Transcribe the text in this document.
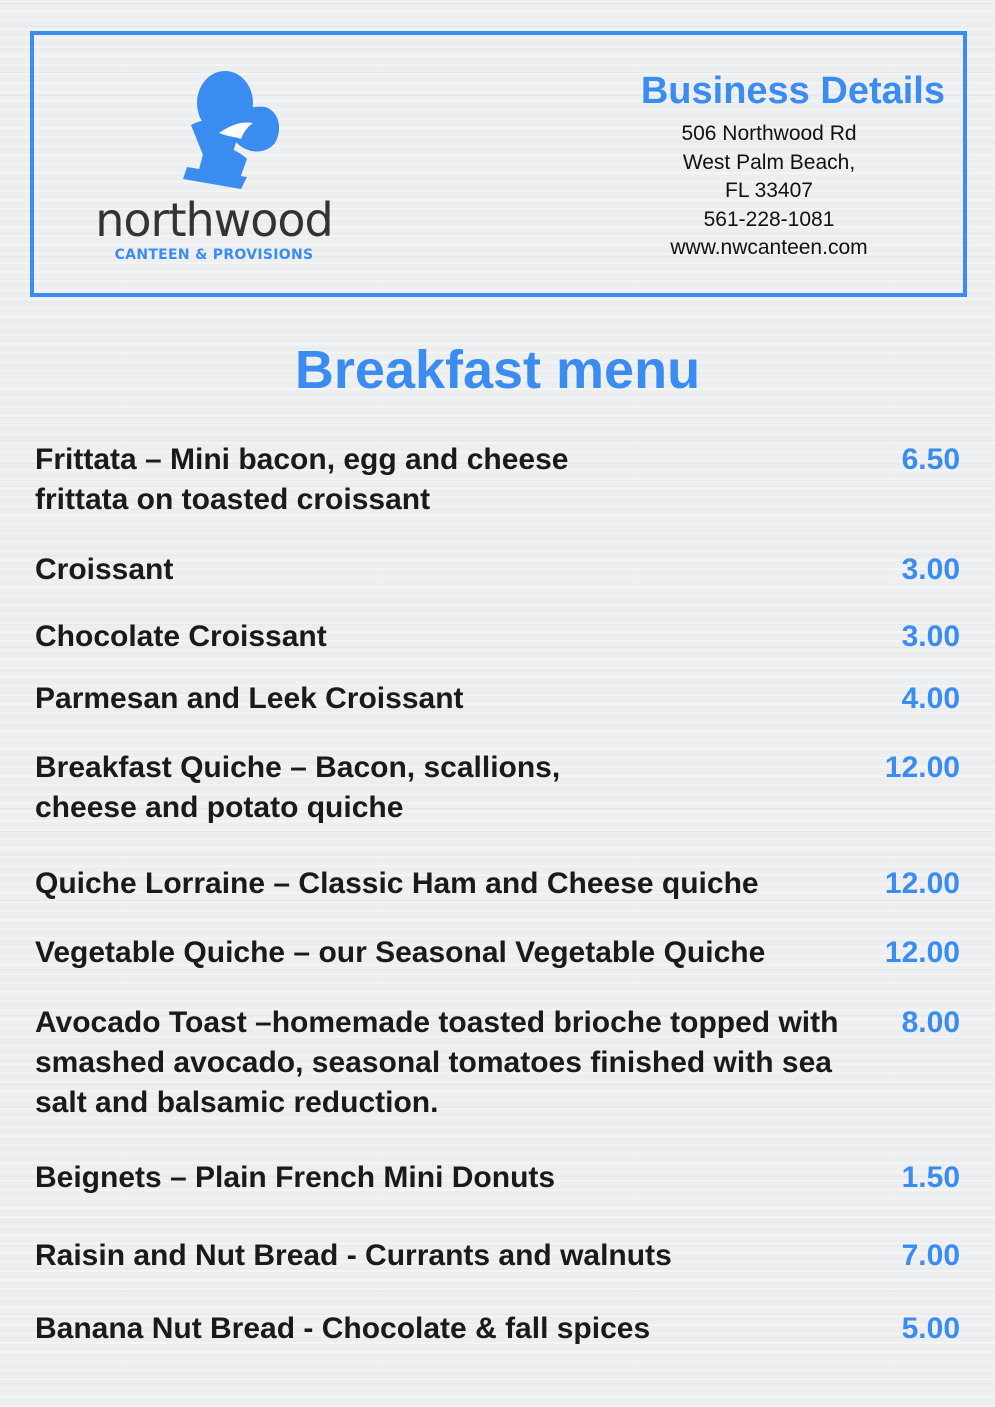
northwood
CANTEEN & PROVISIONS
Business Details
506 Northwood Rd
West Palm Beach,
FL 33407
561-228-1081
www.nwcanteen.com
Breakfast menu
Frittata – Mini bacon, egg and cheese frittata on toasted croissant
6.50
Croissant	3.00
Chocolate Croissant	3.00
Parmesan and Leek Croissant	4.00
Breakfast Quiche – Bacon, scallions, cheese and potato quiche
12.00
Quiche Lorraine – Classic Ham and Cheese quiche	12.00
Vegetable Quiche – our Seasonal Vegetable Quiche	12.00
Avocado Toast –homemade toasted brioche topped with smashed avocado, seasonal tomatoes finished with sea salt and balsamic reduction.
8.00
Beignets – Plain French Mini Donuts	1.50
Raisin and Nut Bread - Currants and walnuts	7.00
Banana Nut Bread - Chocolate & fall spices	5.00
